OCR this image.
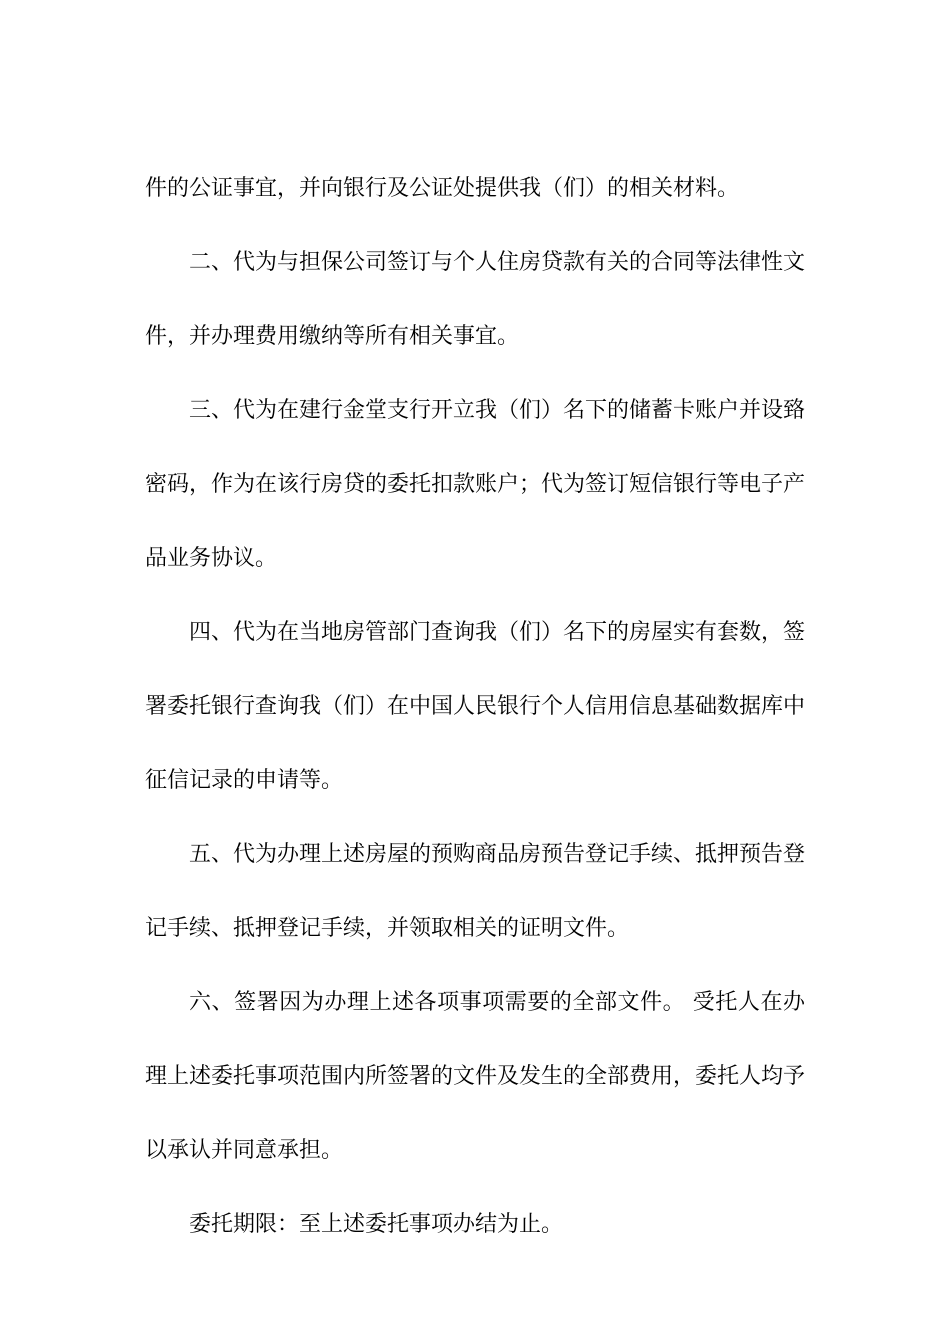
件的公证事宜，并向银行及公证处提供我（们）的相关材料。

二、代为与担保公司签订与个人住房贷款有关的合同等法律性文件，并办理费用缴纳等所有相关事宜。

三、代为在建行金堂支行开立我（们）名下的储蓄卡账户并设臵密码，作为在该行房贷的委托扣款账户；代为签订短信银行等电子产品业务协议。

四、代为在当地房管部门查询我（们）名下的房屋实有套数，签署委托银行查询我（们）在中国人民银行个人信用信息基础数据库中征信记录的申请等。

五、代为办理上述房屋的预购商品房预告登记手续、抵押预告登记手续、抵押登记手续，并领取相关的证明文件。

六、签署因为办理上述各项事项需要的全部文件。 受托人在办理上述委托事项范围内所签署的文件及发生的全部费用，委托人均予以承认并同意承担。

委托期限：至上述委托事项办结为止。
